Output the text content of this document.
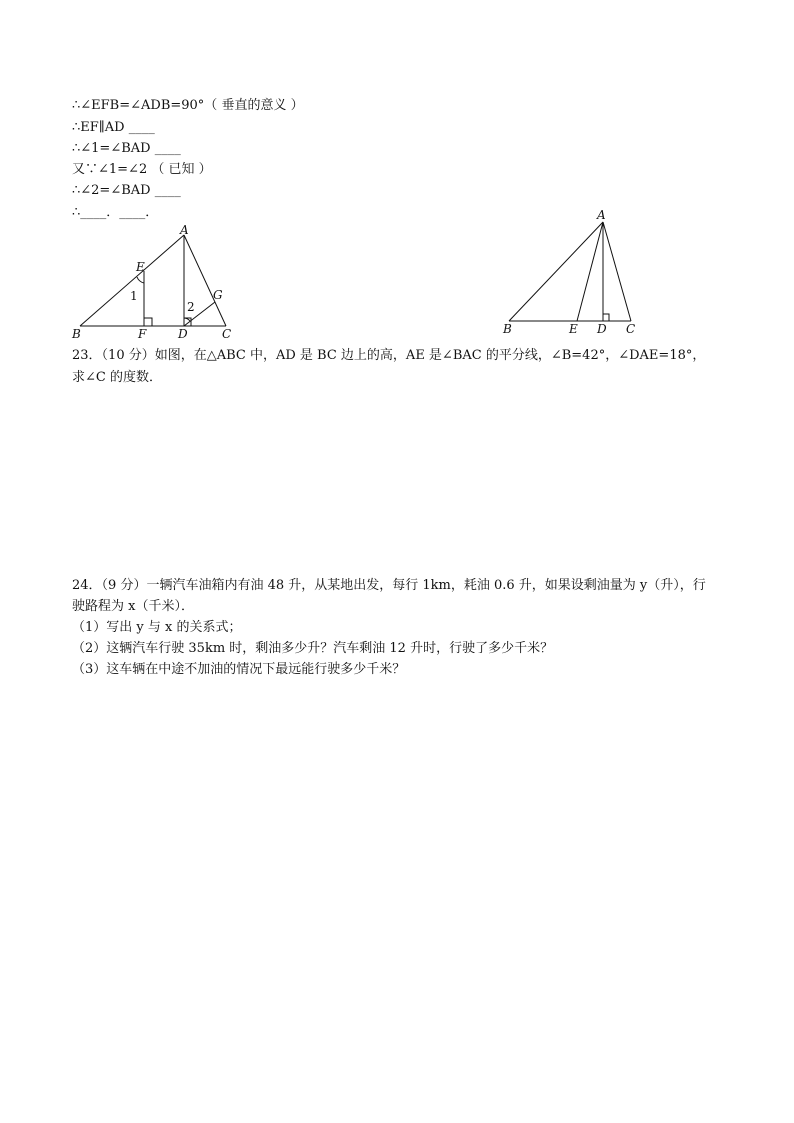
∴∠EFB=∠ADB=90°（ 垂直的意义 ）
∴EF∥AD ____
∴∠1=∠BAD ____
又∵∠1=∠2 （ 已知 ）
∴∠2=∠BAD ____
∴____．____．
A
E
G
B	F	D	C
1
2
A
B	E D C
23．（10 分）如图，在△ABC 中，AD 是 BC 边上的高，AE 是∠BAC 的平分线，∠B=42°，∠DAE=18°，
求∠C 的度数．
24．（9 分）一辆汽车油箱内有油 48 升，从某地出发，每行 1km，耗油 0.6 升，如果设剩油量为 y（升），行
驶路程为 x（千米）．
（1）写出 y 与 x 的关系式；
（2）这辆汽车行驶 35km 时，剩油多少升？汽车剩油 12 升时，行驶了多少千米？
（3）这车辆在中途不加油的情况下最远能行驶多少千米？
